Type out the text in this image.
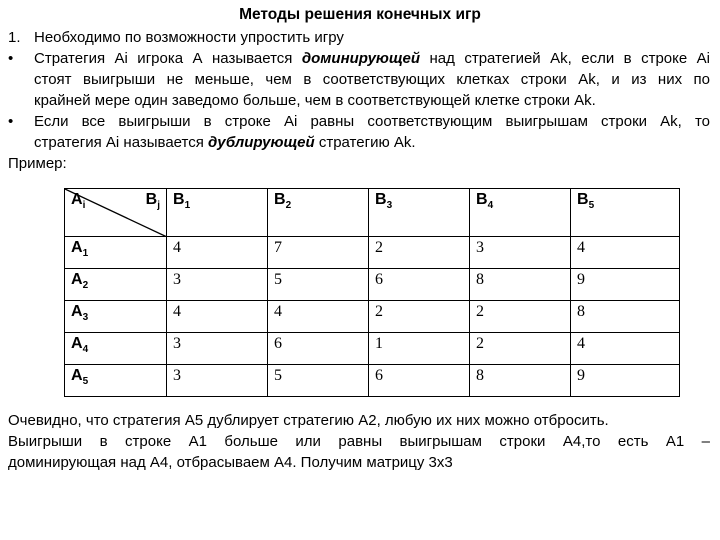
Методы решения конечных игр
1. Необходимо по возможности упростить игру
• Стратегия Ai игрока А называется доминирующей над стратегией Ak, если в строке Ai
стоят выигрыши не меньше, чем в соответствующих клетках строки Ak, и из них по
крайней мере один заведомо больше, чем в соответствующей клетке строки Ak.
• Если все выигрыши в строке Ai равны соответствующим выигрышам строки Ak, то
стратегия Ai называется дублирующей стратегию Ak.
Пример:
$A_i$ $B_j$	$B_1$	$B_2$	$B_3$	$B_4$	$B_5$
$A_1$	4	7	2	3	4
$A_2$	3	5	6	8	9
$A_3$	4	4	2	2	8
$A_4$	3	6	1	2	4
$A_5$	3	5	6	8	9
Очевидно, что стратегия А5 дублирует стратегию А2, любую их них можно отбросить.
Выигрыши в строке А1 больше или равны выигрышам строки А4,то есть А1 –
доминирующая над А4, отбрасываем А4. Получим матрицу 3х3
